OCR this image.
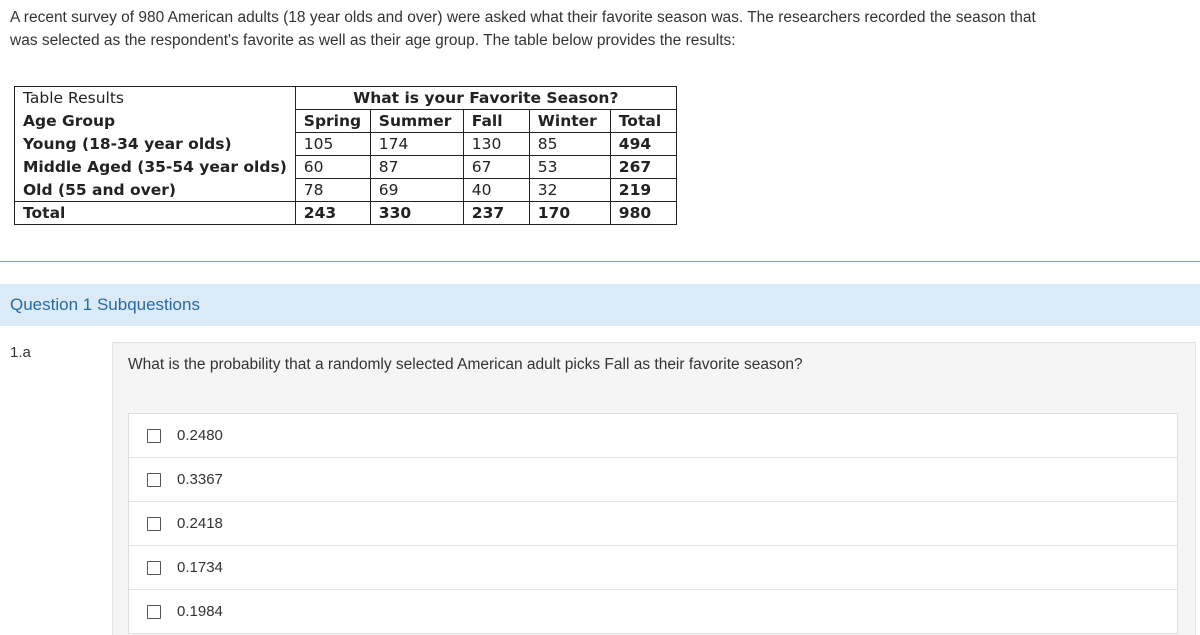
A recent survey of 980 American adults (18 year olds and over) were asked what their favorite season was. The researchers recorded the season that
was selected as the respondent's favorite as well as their age group. The table below provides the results:
Table Results	What is your Favorite Season?				
Age Group	Spring	Summer	Fall	Winter	Total
Young (18-34 year olds)	105	174	130	85	494
Middle Aged (35-54 year olds)	60	87	67	53	267
Old (55 and over)	78	69	40	32	219
Total	243	330	237	170	980
Question 1 Subquestions
1.a
What is the probability that a randomly selected American adult picks Fall as their favorite season?
0.2480
0.3367
0.2418
0.1734
0.1984
